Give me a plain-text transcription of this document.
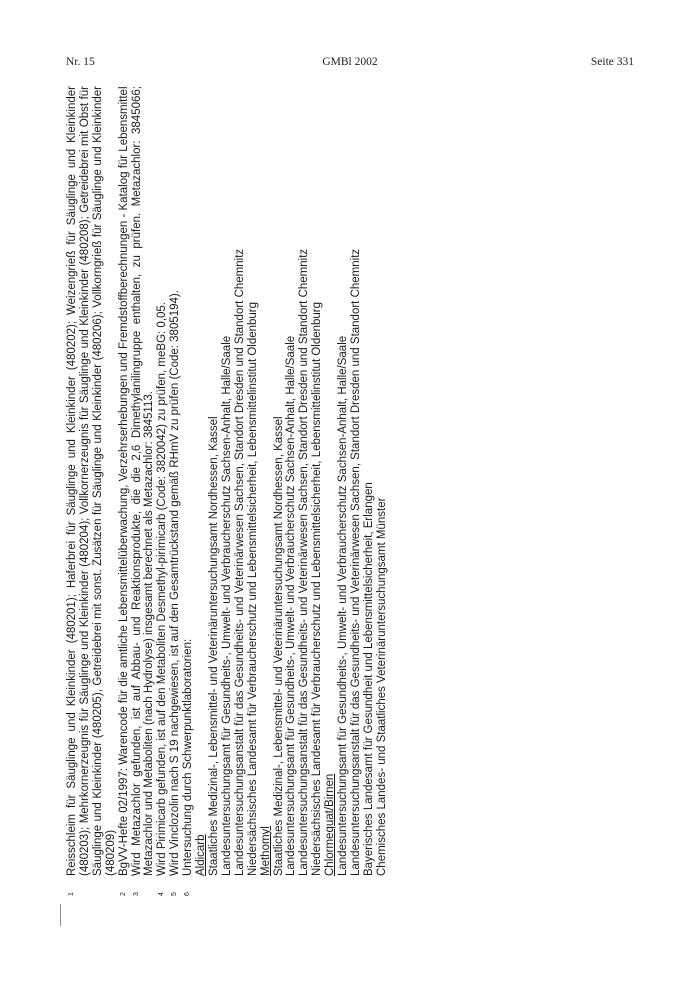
Nr. 15	GMBl 2002	Seite 331
1
Reisschleim für Säuglinge und Kleinkinder (480201); Haferbrei für Säuglinge und Kleinkinder (480202); Weizengrieß für Säuglinge und Kleinkinder (480203); Mehrkornerzeugnis für Säuglinge und Kleinkinder (480204); Vollkornerzeugnis für Säuglinge und Kleinkinder (480208); Getreidebrei mit Obst für Säuglinge und Kleinkinder (480205), Getreidebrei mit sonst. Zusätzen für Säuglinge und Kleinkinder (480206); Vollkorngrieß für Säuglinge und Kleinkinder (480209)
2
BgVV-Hefte 02/1997: Warencode für die amtliche Lebensmittelüberwachung, Verzehrserhebungen und Fremdstoffberechnungen - Katalog für Lebensmittel
3
Wird Metazachlor gefunden, ist auf Abbau- und Reaktionsprodukte, die die 2,6 Dimethylanilingruppe enthalten, zu prüfen. Metazachlor: 3845066; Metazachlor und Metaboliten (nach Hydrolyse) insgesamt berechnet als Metazachlor: 3845113.
4
Wird Pirimicarb gefunden, ist auf den Metaboliten Desmethyl-pirimicarb (Code: 3820042) zu prüfen, meBG: 0,05.
5
Wird Vinclozolin nach S 19 nachgewiesen, ist auf den Gesamtrückstand gemäß RHmV zu prüfen (Code: 3805194).
6
Untersuchung durch Schwerpunktlaboratorien: Aldicarb Staatliches Medizinal-, Lebensmittel- und Veterinäruntersuchungsamt Nordhessen, Kassel Landesuntersuchungsamt für Gesundheits-, Umwelt- und Verbraucherschutz Sachsen-Anhalt, Halle/Saale Landesuntersuchungsanstalt für das Gesundheits- und Veterinärwesen Sachsen, Standort Dresden und Standort Chemnitz Niedersächsisches Landesamt für Verbraucherschutz und Lebensmittelsicherheit, Lebensmittelinstitut Oldenburg Methomyl Staatliches Medizinal-, Lebensmittel- und Veterinäruntersuchungsamt Nordhessen, Kassel Landesuntersuchungsamt für Gesundheits-, Umwelt- und Verbraucherschutz Sachsen-Anhalt, Halle/Saale Landesuntersuchungsanstalt für das Gesundheits- und Veterinärwesen Sachsen, Standort Dresden und Standort Chemnitz Niedersächsisches Landesamt für Verbraucherschutz und Lebensmittelsicherheit, Lebensmittelinstitut Oldenburg Chlormequat/Birnen Landesuntersuchungsamt für Gesundheits-, Umwelt- und Verbraucherschutz Sachsen-Anhalt, Halle/Saale Landesuntersuchungsanstalt für das Gesundheits- und Veterinärwesen Sachsen, Standort Dresden und Standort Chemnitz Bayerisches Landesamt für Gesundheit und Lebensmittelsicherheit, Erlangen Chemisches Landes- und Staatliches Veterinäruntersuchungsamt Münster
